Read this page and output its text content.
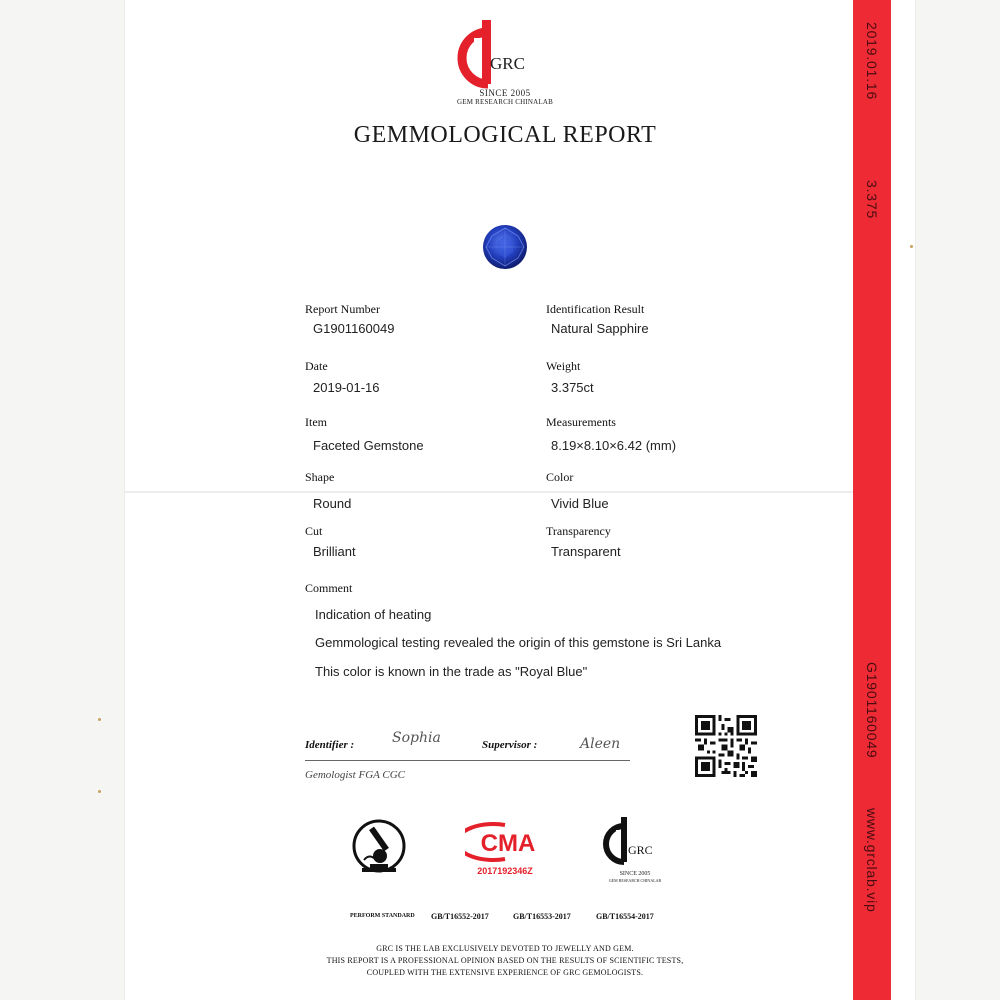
GRC
SINCE 2005
GEM RESEARCH CHINALAB
GEMMOLOGICAL REPORT
Report Number
G1901160049
Date
2019-01-16
Item
Faceted Gemstone
Shape
Round
Cut
Brilliant
Identification Result
Natural Sapphire
Weight
3.375ct
Measurements
8.19×8.10×6.42 (mm)
Color
Vivid Blue
Transparency
Transparent
Comment
Indication of heating
Gemmological testing revealed the origin of this gemstone is Sri Lanka
This color is known in the trade as "Royal Blue"
Identifier :	Sophia	Supervisor :	Aleen
Gemologist FGA CGC
CMA
2017192346Z
GRC
SINCE 2005
GEM RESEARCH CHINALAB
PERFORM STANDARD GB/T16552-2017	GB/T16553-2017	GB/T16554-2017
GRC IS THE LAB EXCLUSIVELY DEVOTED TO JEWELLY AND GEM.
THIS REPORT IS A PROFESSIONAL OPINION BASED ON THE RESULTS OF SCIENTIFIC TESTS,
COUPLED WITH THE EXTENSIVE EXPERIENCE OF GRC GEMOLOGISTS.
2019.01.16
3.375
G1901160049
www.grclab.vip
